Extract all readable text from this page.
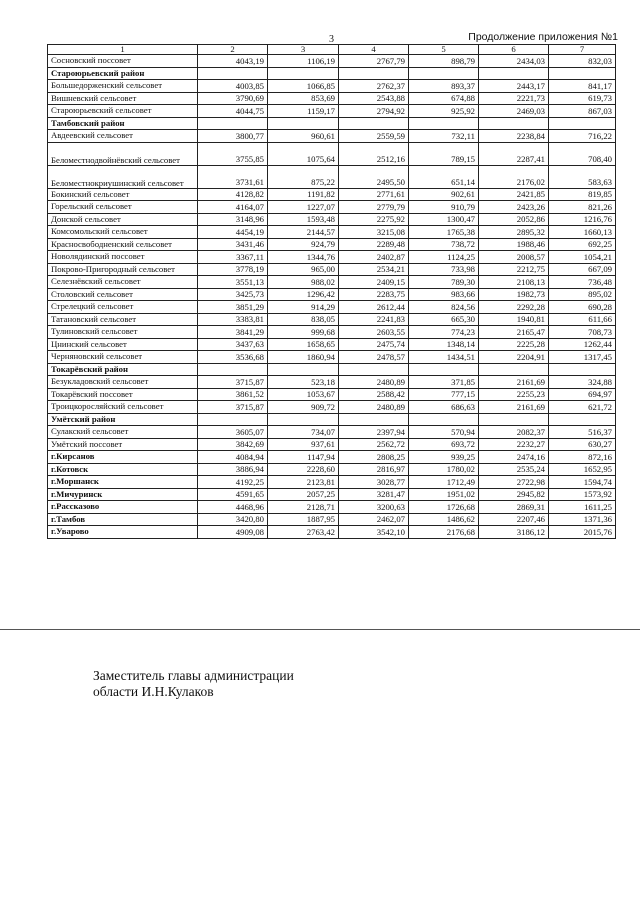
3	Продолжение приложения №1
1	2	3	4	5	6	7
Сосновский поссовет	4043,19	1106,19	2767,79	898,79	2434,03	832,03
Староюрьевский район						
Большедорженский сельсовет	4003,85	1066,85	2762,37	893,37	2443,17	841,17
Вишневский сельсовет	3790,69	853,69	2543,88	674,88	2221,73	619,73
Староюрьевский сельсовет	4044,75	1159,17	2794,92	925,92	2469,03	867,03
Тамбовский район						
Авдеевский сельсовет	3800,77	960,61	2559,59	732,11	2238,84	716,22
Беломестнодвойнёвский сельсовет	3755,85	1075,64	2512,16	789,15	2287,41	708,40
Беломестнокриушинский сельсовет	3731,61	875,22	2495,50	651,14	2176,02	583,63
Бокинский сельсовет	4128,82	1191,82	2771,61	902,61	2421,85	819,85
Горельский сельсовет	4164,07	1227,07	2779,79	910,79	2423,26	821,26
Донской сельсовет	3148,96	1593,48	2275,92	1300,47	2052,86	1216,76
Комсомольский сельсовет	4454,19	2144,57	3215,08	1765,38	2895,32	1660,13
Красносвободненский сельсовет	3431,46	924,79	2289,48	738,72	1988,46	692,25
Новолядинский поссовет	3367,11	1344,76	2402,87	1124,25	2008,57	1054,21
Покрово-Пригородный сельсовет	3778,19	965,00	2534,21	733,98	2212,75	667,09
Селезнёвский сельсовет	3551,13	988,02	2409,15	789,30	2108,13	736,48
Столовский сельсовет	3425,73	1296,42	2283,75	983,66	1982,73	895,02
Стрелецкий сельсовет	3851,29	914,29	2612,44	824,56	2292,28	690,28
Татановский сельсовет	3383,81	838,05	2241,83	665,30	1940,81	611,66
Тулиновский сельсовет	3841,29	999,68	2603,55	774,23	2165,47	708,73
Цнинский сельсовет	3437,63	1658,65	2475,74	1348,14	2225,28	1262,44
Черняновский сельсовет	3536,68	1860,94	2478,57	1434,51	2204,91	1317,45
Токарёвский район						
Безукладовский сельсовет	3715,87	523,18	2480,89	371,85	2161,69	324,88
Токарёвский поссовет	3861,52	1053,67	2588,42	777,15	2255,23	694,97
Троицкоросляйский сельсовет	3715,87	909,72	2480,89	686,63	2161,69	621,72
Умётский район						
Сулакский сельсовет	3605,07	734,07	2397,94	570,94	2082,37	516,37
Умётский поссовет	3842,69	937,61	2562,72	693,72	2232,27	630,27
г.Кирсанов	4084,94	1147,94	2808,25	939,25	2474,16	872,16
г.Котовск	3886,94	2228,60	2816,97	1780,02	2535,24	1652,95
г.Моршанск	4192,25	2123,81	3028,77	1712,49	2722,98	1594,74
г.Мичуринск	4591,65	2057,25	3281,47	1951,02	2945,82	1573,92
г.Рассказово	4468,96	2128,71	3200,63	1726,68	2869,31	1611,25
г.Тамбов	3420,80	1887,95	2462,07	1486,62	2207,46	1371,36
г.Уварово	4909,08	2763,42	3542,10	2176,68	3186,12	2015,76
Заместитель главы администрации
области И.Н.Кулаков
